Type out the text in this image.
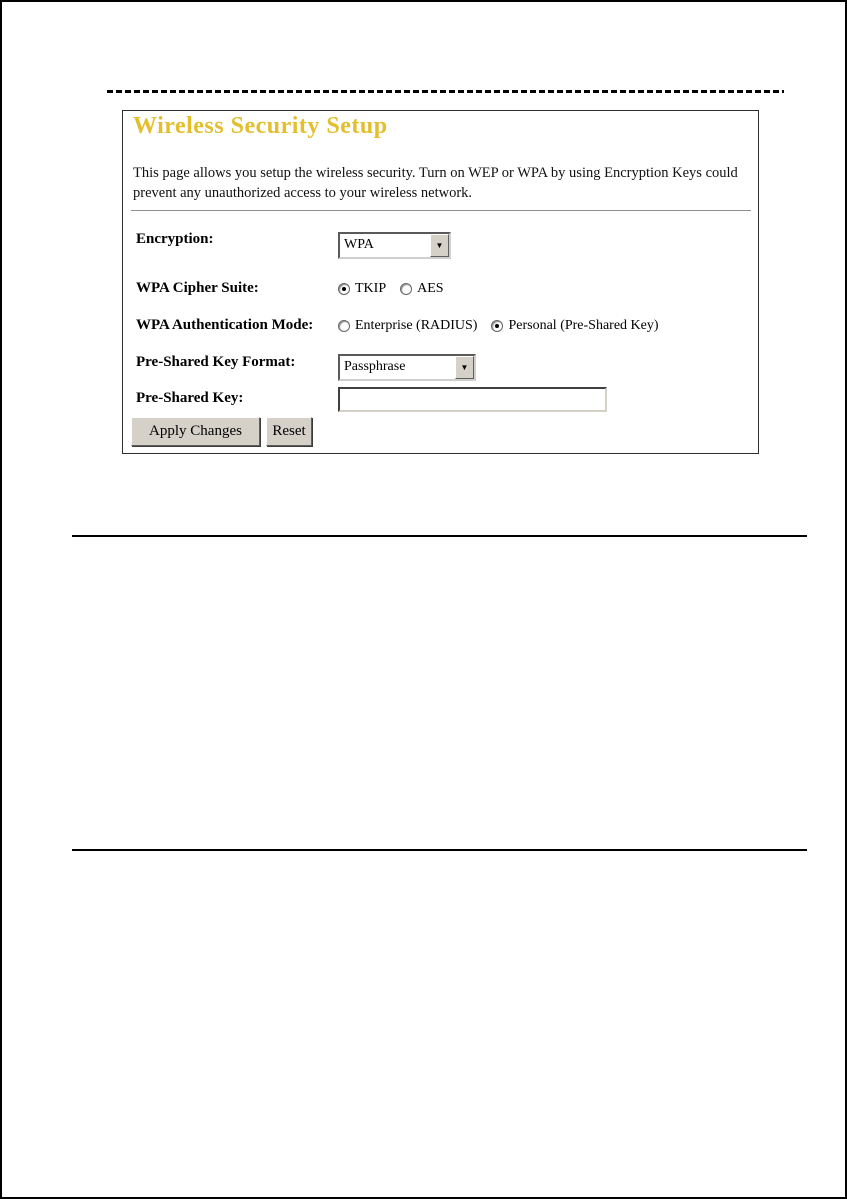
Wireless Security Setup
This page allows you setup the wireless security. Turn on WEP or WPA by using Encryption Keys could prevent any unauthorized access to your wireless network.
Encryption:	WPA	▼
WPA Cipher Suite:	TKIP AES
WPA Authentication Mode:	Enterprise (RADIUS) Personal (Pre-Shared Key)
Pre-Shared Key Format:	Passphrase	▼
Pre-Shared Key:
Apply Changes	Reset
